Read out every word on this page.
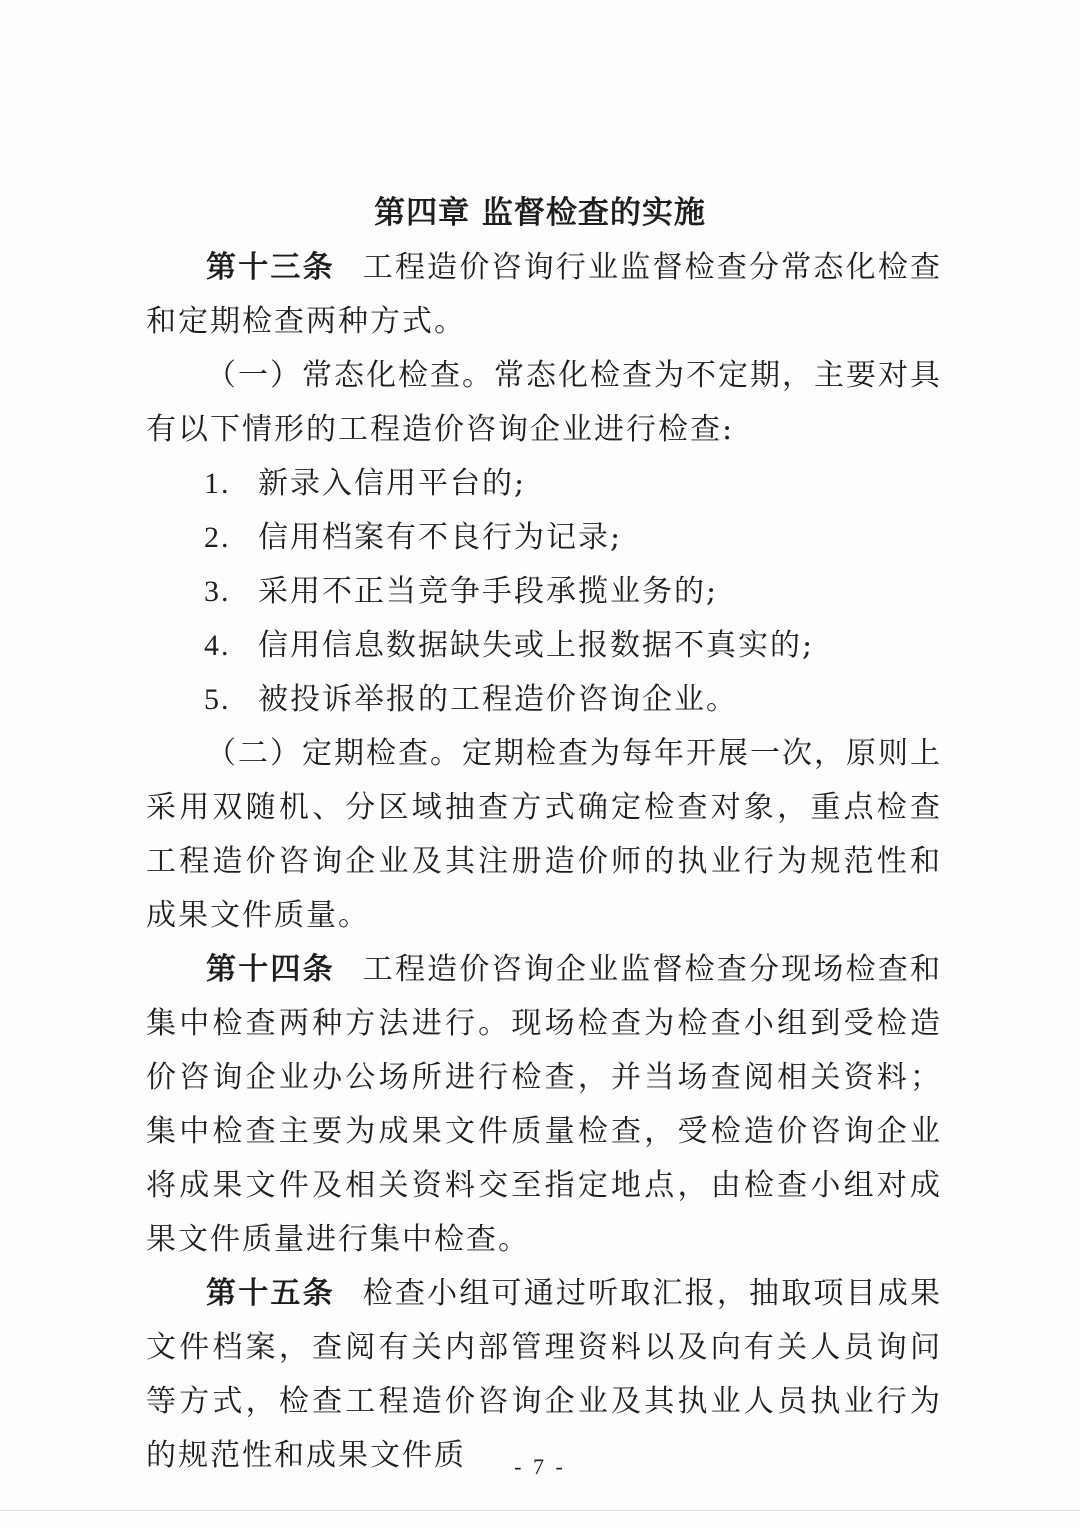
第四章 监督检查的实施

第十三条 工程造价咨询行业监督检查分常态化检查和定期检查两种方式。

（一）常态化检查。常态化检查为不定期，主要对具有以下情形的工程造价咨询企业进行检查:

1. 新录入信用平台的;

2. 信用档案有不良行为记录;

3. 采用不正当竞争手段承揽业务的;

4. 信用信息数据缺失或上报数据不真实的;

5. 被投诉举报的工程造价咨询企业。

（二）定期检查。定期检查为每年开展一次，原则上采用双随机、分区域抽查方式确定检查对象，重点检查工程造价咨询企业及其注册造价师的执业行为规范性和成果文件质量。

第十四条 工程造价咨询企业监督检查分现场检查和集中检查两种方法进行。现场检查为检查小组到受检造价咨询企业办公场所进行检查，并当场查阅相关资料；集中检查主要为成果文件质量检查，受检造价咨询企业将成果文件及相关资料交至指定地点，由检查小组对成果文件质量进行集中检查。

第十五条 检查小组可通过听取汇报，抽取项目成果文件档案，查阅有关内部管理资料以及向有关人员询问等方式，检查工程造价咨询企业及其执业人员执业行为的规范性和成果文件质	- 7 -
